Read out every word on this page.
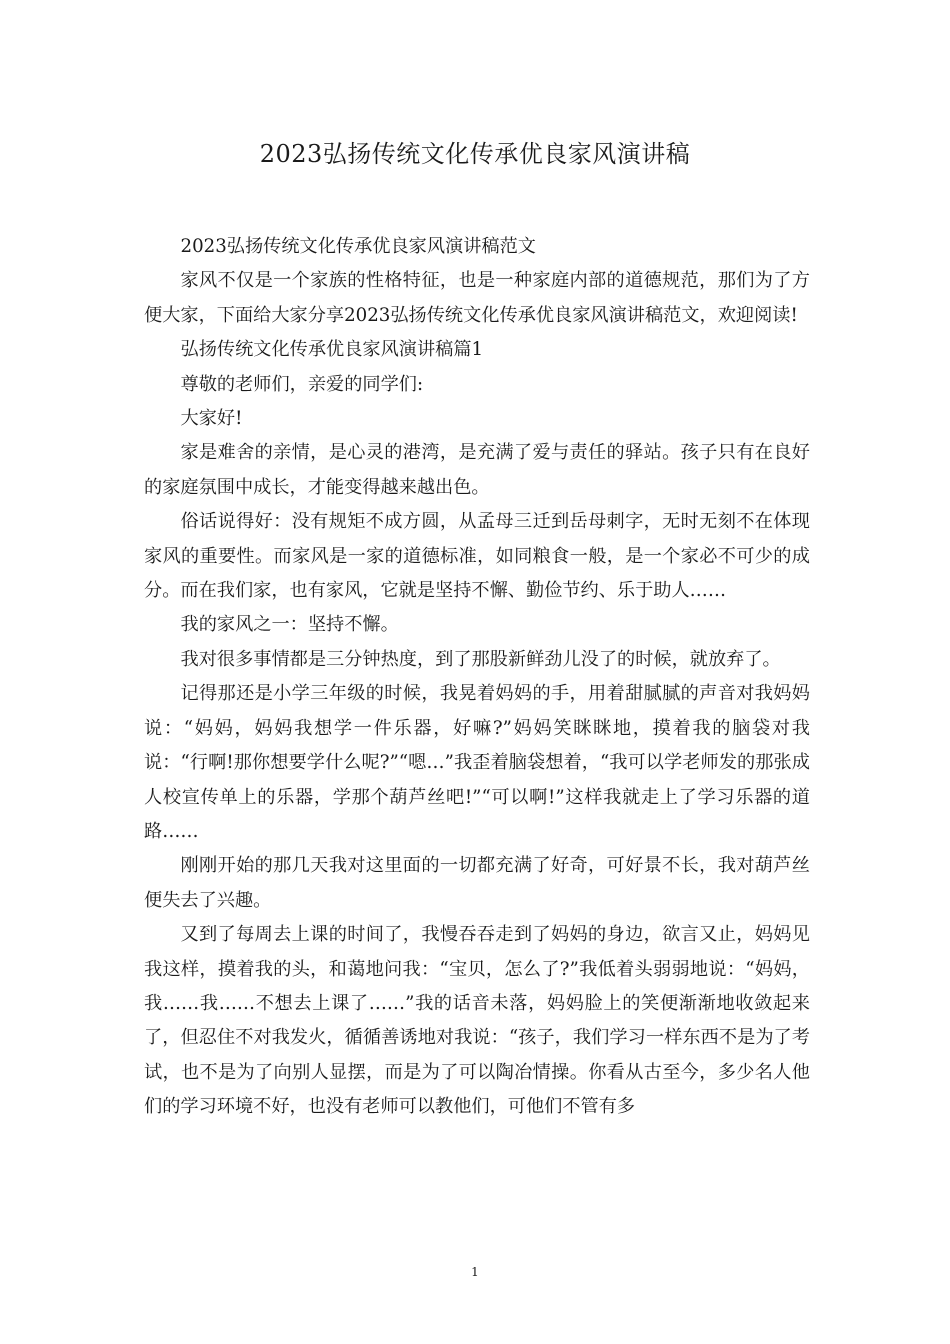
2023弘扬传统文化传承优良家风演讲稿

2023弘扬传统文化传承优良家风演讲稿范文

家风不仅是一个家族的性格特征，也是一种家庭内部的道德规范，那们为了方便大家，下面给大家分享2023弘扬传统文化传承优良家风演讲稿范文，欢迎阅读!

弘扬传统文化传承优良家风演讲稿篇1

尊敬的老师们，亲爱的同学们:

大家好!

家是难舍的亲情，是心灵的港湾，是充满了爱与责任的驿站。孩子只有在良好的家庭氛围中成长，才能变得越来越出色。

俗话说得好：没有规矩不成方圆，从孟母三迁到岳母刺字，无时无刻不在体现家风的重要性。而家风是一家的道德标准，如同粮食一般，是一个家必不可少的成分。而在我们家，也有家风，它就是坚持不懈、勤俭节约、乐于助人……

我的家风之一：坚持不懈。

我对很多事情都是三分钟热度，到了那股新鲜劲儿没了的时候，就放弃了。

记得那还是小学三年级的时候，我晃着妈妈的手，用着甜腻腻的声音对我妈妈说：“妈妈，妈妈我想学一件乐器，好嘛?”妈妈笑眯眯地，摸着我的脑袋对我说：“行啊!那你想要学什么呢?”“嗯…”我歪着脑袋想着，“我可以学老师发的那张成人校宣传单上的乐器，学那个葫芦丝吧!”“可以啊!”这样我就走上了学习乐器的道路……

刚刚开始的那几天我对这里面的一切都充满了好奇，可好景不长，我对葫芦丝便失去了兴趣。

又到了每周去上课的时间了，我慢吞吞走到了妈妈的身边，欲言又止，妈妈见我这样，摸着我的头，和蔼地问我：“宝贝，怎么了?”我低着头弱弱地说：“妈妈，我……我……不想去上课了……”我的话音未落，妈妈脸上的笑便渐渐地收敛起来了，但忍住不对我发火，循循善诱地对我说：“孩子，我们学习一样东西不是为了考试，也不是为了向别人显摆，而是为了可以陶冶情操。你看从古至今，多少名人他们的学习环境不好，也没有老师可以教他们，可他们不管有多

1
